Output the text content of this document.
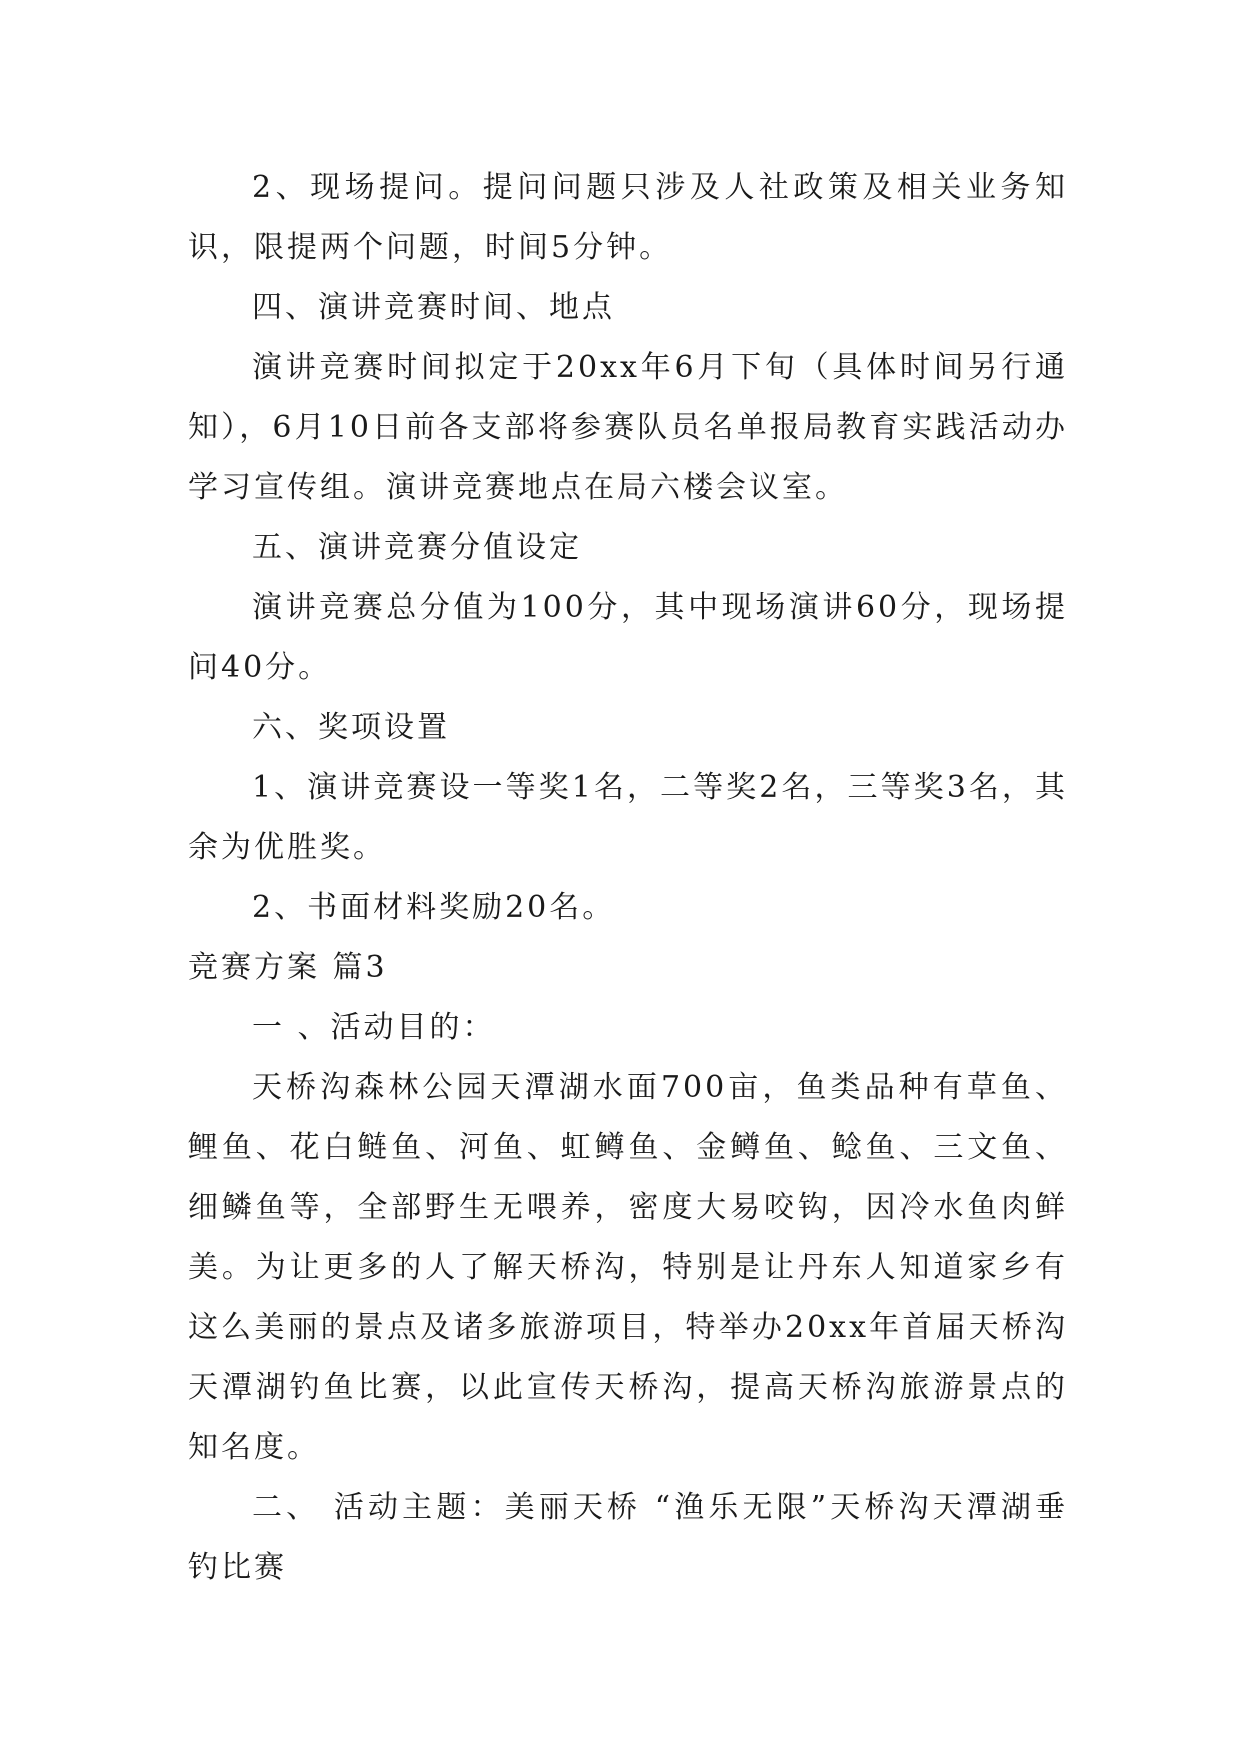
2、现场提问。提问问题只涉及人社政策及相关业务知识，限提两个问题，时间5分钟。

四、演讲竞赛时间、地点

演讲竞赛时间拟定于20xx年6月下旬（具体时间另行通知），6月10日前各支部将参赛队员名单报局教育实践活动办学习宣传组。演讲竞赛地点在局六楼会议室。

五、演讲竞赛分值设定

演讲竞赛总分值为100分，其中现场演讲60分，现场提问40分。

六、奖项设置

1、演讲竞赛设一等奖1名，二等奖2名，三等奖3名，其余为优胜奖。

2、书面材料奖励20名。

竞赛方案 篇3

一 、活动目的：

天桥沟森林公园天潭湖水面700亩，鱼类品种有草鱼、鲤鱼、花白鲢鱼、河鱼、虹鳟鱼、金鳟鱼、鲶鱼、三文鱼、细鳞鱼等，全部野生无喂养，密度大易咬钩，因冷水鱼肉鲜美。为让更多的人了解天桥沟，特别是让丹东人知道家乡有这么美丽的景点及诸多旅游项目，特举办20xx年首届天桥沟天潭湖钓鱼比赛，以此宣传天桥沟，提高天桥沟旅游景点的知名度。

二、 活动主题：美丽天桥 “渔乐无限”天桥沟天潭湖垂钓比赛
